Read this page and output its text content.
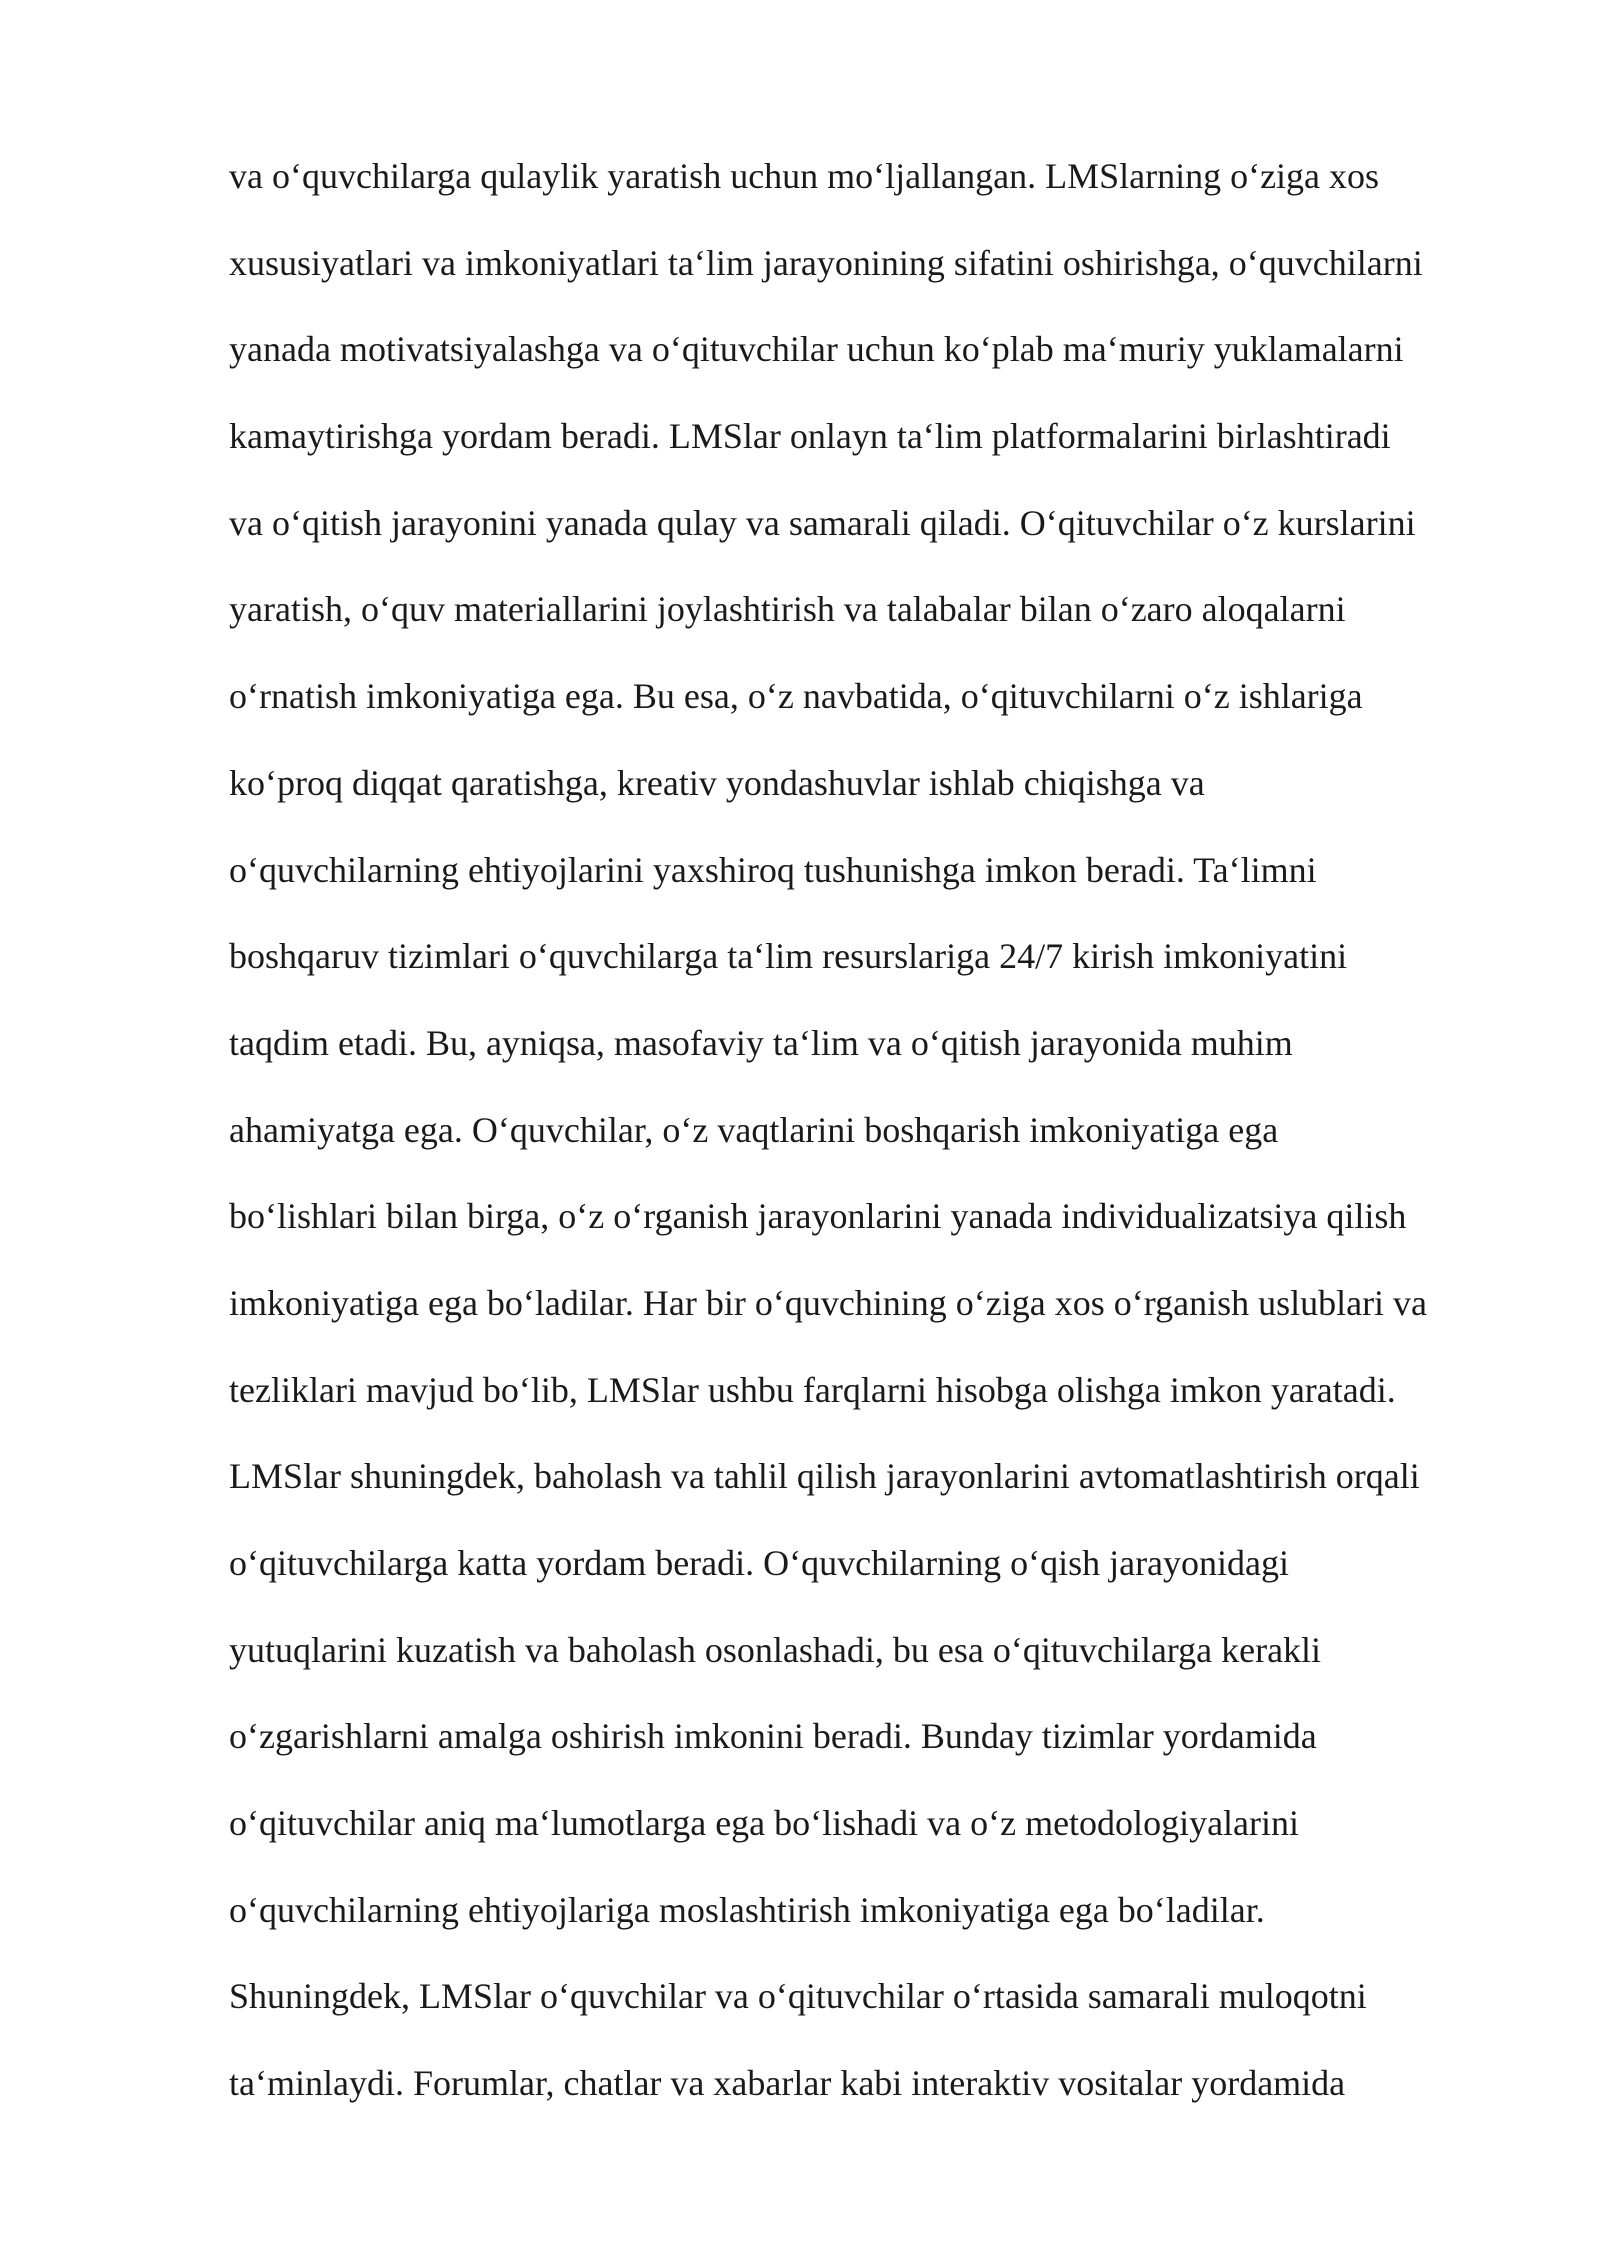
va oʻquvchilarga qulaylik yaratish uchun moʻljallangan. LMSlarning oʻziga xos
xususiyatlari va imkoniyatlari taʻlim jarayonining sifatini oshirishga, oʻquvchilarni
yanada motivatsiyalashga va oʻqituvchilar uchun koʻplab maʻmuriy yuklamalarni
kamaytirishga yordam beradi. LMSlar onlayn taʻlim platformalarini birlashtiradi
va oʻqitish jarayonini yanada qulay va samarali qiladi. Oʻqituvchilar oʻz kurslarini
yaratish, oʻquv materiallarini joylashtirish va talabalar bilan oʻzaro aloqalarni
oʻrnatish imkoniyatiga ega. Bu esa, oʻz navbatida, oʻqituvchilarni oʻz ishlariga
koʻproq diqqat qaratishga, kreativ yondashuvlar ishlab chiqishga va
oʻquvchilarning ehtiyojlarini yaxshiroq tushunishga imkon beradi. Taʻlimni
boshqaruv tizimlari oʻquvchilarga taʻlim resurslariga 24/7 kirish imkoniyatini
taqdim etadi. Bu, ayniqsa, masofaviy taʻlim va oʻqitish jarayonida muhim
ahamiyatga ega. Oʻquvchilar, oʻz vaqtlarini boshqarish imkoniyatiga ega
boʻlishlari bilan birga, oʻz oʻrganish jarayonlarini yanada individualizatsiya qilish
imkoniyatiga ega boʻladilar. Har bir oʻquvchining oʻziga xos oʻrganish uslublari va
tezliklari mavjud boʻlib, LMSlar ushbu farqlarni hisobga olishga imkon yaratadi.
LMSlar shuningdek, baholash va tahlil qilish jarayonlarini avtomatlashtirish orqali
oʻqituvchilarga katta yordam beradi. Oʻquvchilarning oʻqish jarayonidagi
yutuqlarini kuzatish va baholash osonlashadi, bu esa oʻqituvchilarga kerakli
oʻzgarishlarni amalga oshirish imkonini beradi. Bunday tizimlar yordamida
oʻqituvchilar aniq maʻlumotlarga ega boʻlishadi va oʻz metodologiyalarini
oʻquvchilarning ehtiyojlariga moslashtirish imkoniyatiga ega boʻladilar.
Shuningdek, LMSlar oʻquvchilar va oʻqituvchilar oʻrtasida samarali muloqotni
taʻminlaydi. Forumlar, chatlar va xabarlar kabi interaktiv vositalar yordamida
